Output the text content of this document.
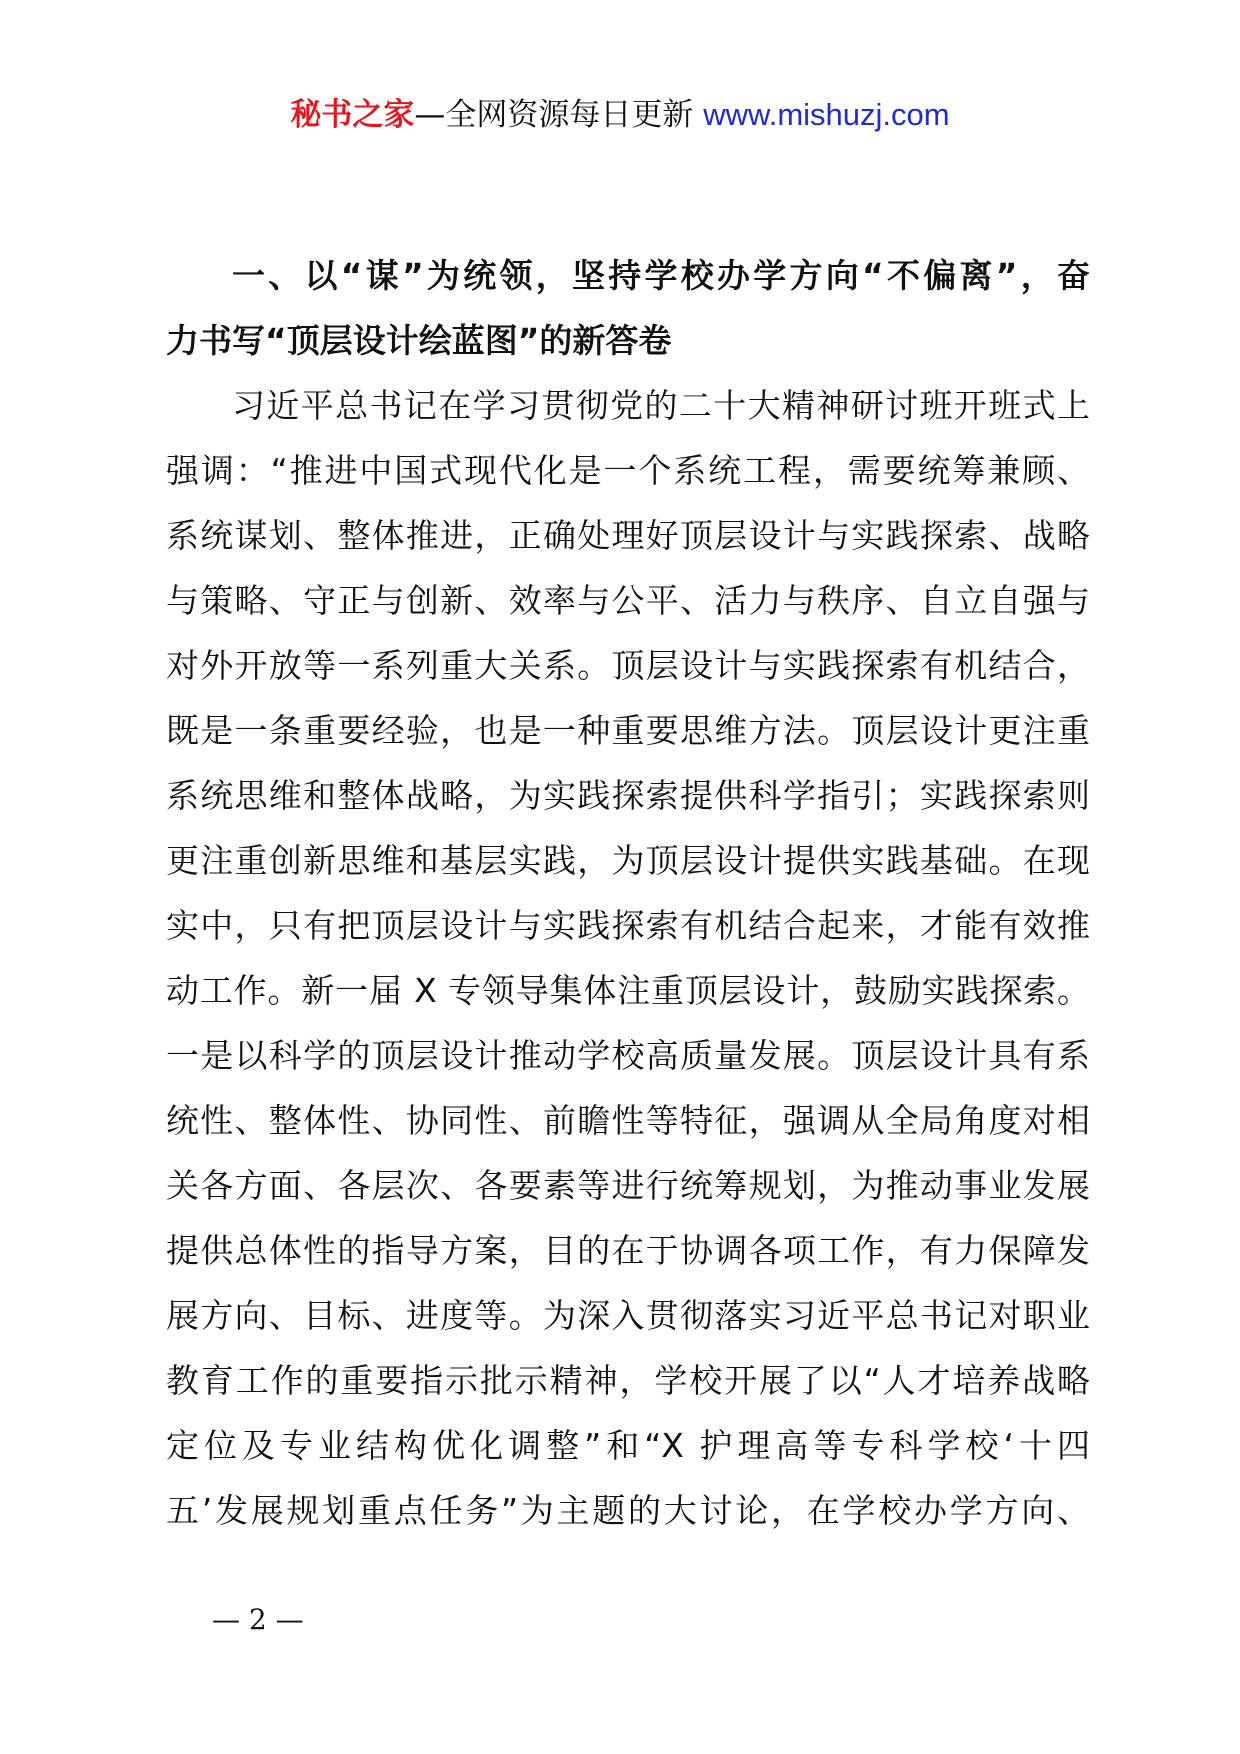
秘书之家—全网资源每日更新 www.mishuzj.com
一、以“谋”为统领，坚持学校办学方向“不偏离”，奋
力书写“顶层设计绘蓝图”的新答卷
习近平总书记在学习贯彻党的二十大精神研讨班开班式上
强调：“推进中国式现代化是一个系统工程，需要统筹兼顾、
系统谋划、整体推进，正确处理好顶层设计与实践探索、战略
与策略、守正与创新、效率与公平、活力与秩序、自立自强与
对外开放等一系列重大关系。顶层设计与实践探索有机结合，
既是一条重要经验，也是一种重要思维方法。顶层设计更注重
系统思维和整体战略，为实践探索提供科学指引；实践探索则
更注重创新思维和基层实践，为顶层设计提供实践基础。在现
实中，只有把顶层设计与实践探索有机结合起来，才能有效推
动工作。新一届 X 专领导集体注重顶层设计，鼓励实践探索。
一是以科学的顶层设计推动学校高质量发展。顶层设计具有系
统性、整体性、协同性、前瞻性等特征，强调从全局角度对相
关各方面、各层次、各要素等进行统筹规划，为推动事业发展
提供总体性的指导方案，目的在于协调各项工作，有力保障发
展方向、目标、进度等。为深入贯彻落实习近平总书记对职业
教育工作的重要指示批示精神，学校开展了以“人才培养战略
定位及专业结构优化调整”和“X 护理高等专科学校‘十四
五’发展规划重点任务”为主题的大讨论，在学校办学方向、
— 2 —
